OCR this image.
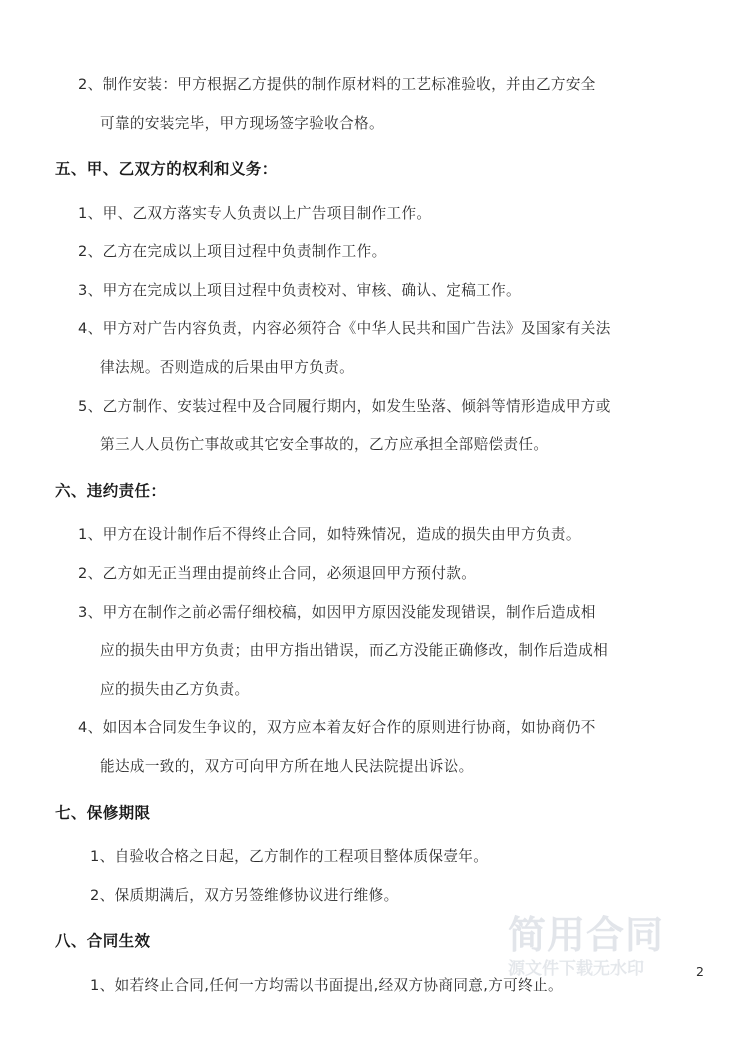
简用合同
源文件下载无水印
2、制作安装：甲方根据乙方提供的制作原材料的工艺标准验收，并由乙方安全
可靠的安装完毕，甲方现场签字验收合格。
五、甲、乙双方的权利和义务：
1、甲、乙双方落实专人负责以上广告项目制作工作。
2、乙方在完成以上项目过程中负责制作工作。
3、甲方在完成以上项目过程中负责校对、审核、确认、定稿工作。
4、甲方对广告内容负责，内容必须符合《中华人民共和国广告法》及国家有关法
律法规。否则造成的后果由甲方负责。
5、乙方制作、安装过程中及合同履行期内，如发生坠落、倾斜等情形造成甲方或
第三人人员伤亡事故或其它安全事故的，乙方应承担全部赔偿责任。
六、违约责任：
1、甲方在设计制作后不得终止合同，如特殊情况，造成的损失由甲方负责。
2、乙方如无正当理由提前终止合同，必须退回甲方预付款。
3、甲方在制作之前必需仔细校稿，如因甲方原因没能发现错误，制作后造成相
应的损失由甲方负责；由甲方指出错误，而乙方没能正确修改，制作后造成相
应的损失由乙方负责。
4、如因本合同发生争议的，双方应本着友好合作的原则进行协商，如协商仍不
能达成一致的，双方可向甲方所在地人民法院提出诉讼。
七、保修期限
1、自验收合格之日起，乙方制作的工程项目整体质保壹年。
2、保质期满后，双方另签维修协议进行维修。
八、合同生效
1、如若终止合同,任何一方均需以书面提出,经双方协商同意,方可终止。
2
